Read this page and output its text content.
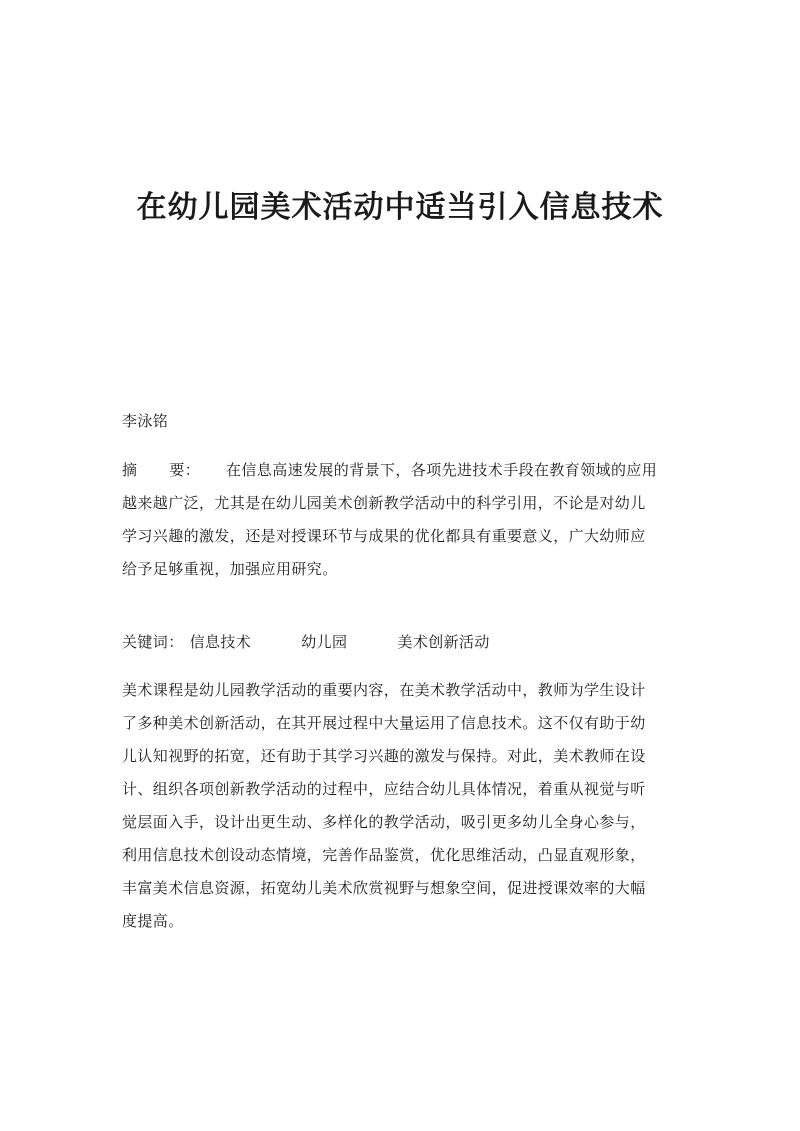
在幼儿园美术活动中适当引入信息技术
李泳铭
摘 要： 在信息高速发展的背景下，各项先进技术手段在教育领域的应用
越来越广泛，尤其是在幼儿园美术创新教学活动中的科学引用，不论是对幼儿
学习兴趣的激发，还是对授课环节与成果的优化都具有重要意义，广大幼师应
给予足够重视，加强应用研究。
关键词： 信息技术	幼儿园	美术创新活动
美术课程是幼儿园教学活动的重要内容，在美术教学活动中，教师为学生设计
了多种美术创新活动，在其开展过程中大量运用了信息技术。这不仅有助于幼
儿认知视野的拓宽，还有助于其学习兴趣的激发与保持。对此，美术教师在设
计、组织各项创新教学活动的过程中，应结合幼儿具体情况，着重从视觉与听
觉层面入手，设计出更生动、多样化的教学活动，吸引更多幼儿全身心参与，
利用信息技术创设动态情境，完善作品鉴赏，优化思维活动，凸显直观形象，
丰富美术信息资源，拓宽幼儿美术欣赏视野与想象空间，促进授课效率的大幅
度提高。
